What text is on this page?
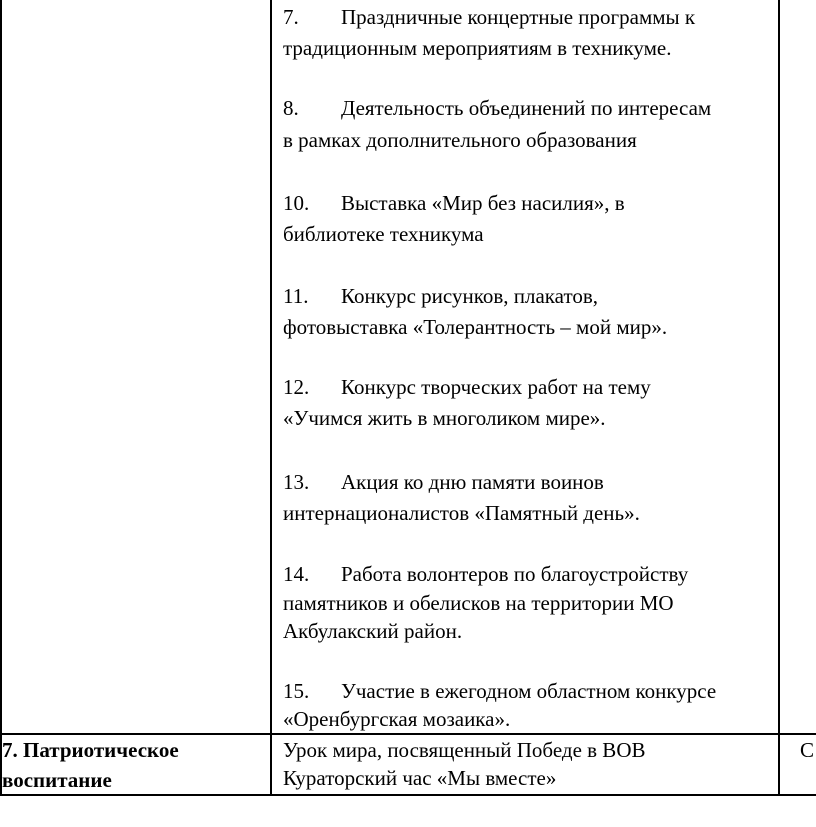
7. Праздничные концертные программы к
традиционным мероприятиям в техникуме.
8. Деятельность объединений по интересам
в рамках дополнительного образования
10. Выставка «Мир без насилия», в
библиотеке техникума
11. Конкурс рисунков, плакатов,
фотовыставка «Толерантность – мой мир».
12. Конкурс творческих работ на тему
«Учимся жить в многоликом мире».
13. Акция ко дню памяти воинов
интернационалистов «Памятный день».
14. Работа волонтеров по благоустройству
памятников и обелисков на территории МО
Акбулакский район.
15. Участие в ежегодном областном конкурсе
«Оренбургская мозаика».
7. Патриотическое
воспитание
Урок мира, посвященный Победе в ВОВ
Кураторский час «Мы вместе»
С
